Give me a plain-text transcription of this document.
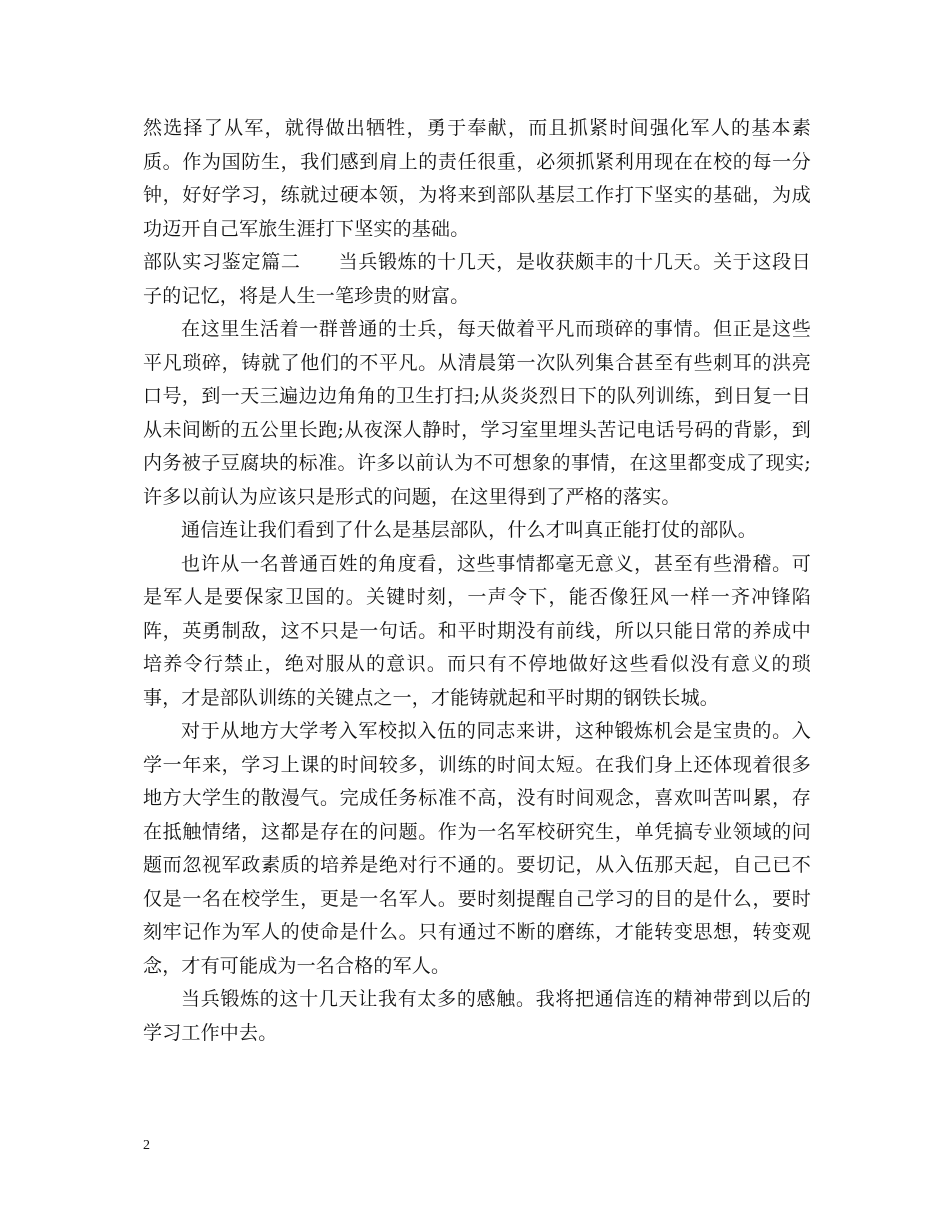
然选择了从军，就得做出牺牲，勇于奉献，而且抓紧时间强化军人的基本素质。作为国防生，我们感到肩上的责任很重，必须抓紧利用现在在校的每一分钟，好好学习，练就过硬本领，为将来到部队基层工作打下坚实的基础，为成功迈开自己军旅生涯打下坚实的基础。

部队实习鉴定篇二 当兵锻炼的十几天，是收获颇丰的十几天。关于这段日子的记忆，将是人生一笔珍贵的财富。

在这里生活着一群普通的士兵，每天做着平凡而琐碎的事情。但正是这些平凡琐碎，铸就了他们的不平凡。从清晨第一次队列集合甚至有些刺耳的洪亮口号，到一天三遍边边角角的卫生打扫;从炎炎烈日下的队列训练，到日复一日从未间断的五公里长跑;从夜深人静时，学习室里埋头苦记电话号码的背影，到内务被子豆腐块的标准。许多以前认为不可想象的事情，在这里都变成了现实;许多以前认为应该只是形式的问题，在这里得到了严格的落实。

通信连让我们看到了什么是基层部队，什么才叫真正能打仗的部队。

也许从一名普通百姓的角度看，这些事情都毫无意义，甚至有些滑稽。可是军人是要保家卫国的。关键时刻，一声令下，能否像狂风一样一齐冲锋陷阵，英勇制敌，这不只是一句话。和平时期没有前线，所以只能日常的养成中培养令行禁止，绝对服从的意识。而只有不停地做好这些看似没有意义的琐事，才是部队训练的关键点之一，才能铸就起和平时期的钢铁长城。

对于从地方大学考入军校拟入伍的同志来讲，这种锻炼机会是宝贵的。入学一年来，学习上课的时间较多，训练的时间太短。在我们身上还体现着很多地方大学生的散漫气。完成任务标准不高，没有时间观念，喜欢叫苦叫累，存在抵触情绪，这都是存在的问题。作为一名军校研究生，单凭搞专业领域的问题而忽视军政素质的培养是绝对行不通的。要切记，从入伍那天起，自己已不仅是一名在校学生，更是一名军人。要时刻提醒自己学习的目的是什么，要时刻牢记作为军人的使命是什么。只有通过不断的磨练，才能转变思想，转变观念，才有可能成为一名合格的军人。

当兵锻炼的这十几天让我有太多的感触。我将把通信连的精神带到以后的学习工作中去。

2
